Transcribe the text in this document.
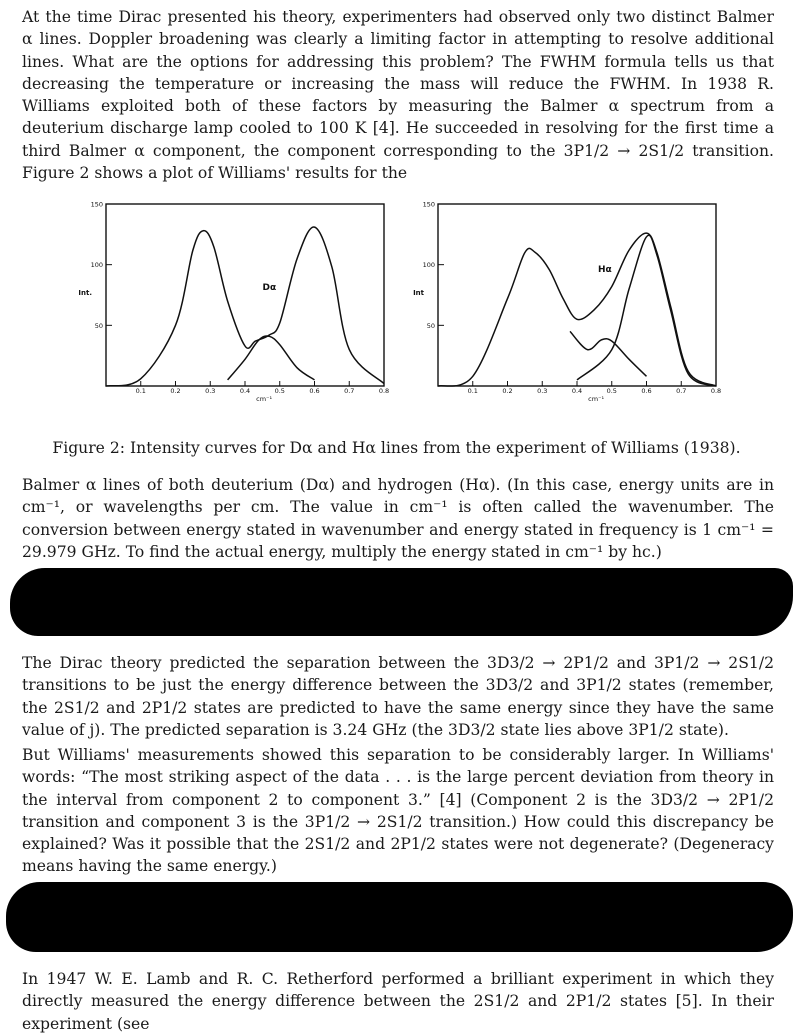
At the time Dirac presented his theory, experimenters had observed only two distinct Balmer α lines. Doppler broadening was clearly a limiting factor in attempting to resolve additional lines. What are the options for addressing this problem? The FWHM formula tells us that decreasing the temperature or increasing the mass will reduce the FWHM. In 1938 R. Williams exploited both of these factors by measuring the Balmer α spectrum from a deuterium discharge lamp cooled to 100 K [4]. He succeeded in resolving for the first time a third Balmer α component, the component corresponding to the 3P1/2 → 2S1/2 transition. Figure 2 shows a plot of Williams' results for the

0.1	0.2	0.3	0.4	0.5	0.6	0.7	0.8
50
100
150
Int.
cm⁻¹
Dα
0.1	0.2	0.3	0.4	0.5	0.6	0.7	0.8
50
100
150
Int
cm⁻¹
Hα
Figure 2: Intensity curves for Dα and Hα lines from the experiment of Williams (1938).

Balmer α lines of both deuterium (Dα) and hydrogen (Hα). (In this case, energy units are in cm⁻¹, or wavelengths per cm. The value in cm⁻¹ is often called the wavenumber. The conversion between energy stated in wavenumber and energy stated in frequency is 1 cm⁻¹ = 29.979 GHz. To find the actual energy, multiply the energy stated in cm⁻¹ by hc.)

The Dirac theory predicted the separation between the 3D3/2 → 2P1/2 and 3P1/2 → 2S1/2 transitions to be just the energy difference between the 3D3/2 and 3P1/2 states (remember, the 2S1/2 and 2P1/2 states are predicted to have the same energy since they have the same value of j). The predicted separation is 3.24 GHz (the 3D3/2 state lies above 3P1/2 state).

But Williams' measurements showed this separation to be considerably larger. In Williams' words: “The most striking aspect of the data . . . is the large percent deviation from theory in the interval from component 2 to component 3.” [4] (Component 2 is the 3D3/2 → 2P1/2 transition and component 3 is the 3P1/2 → 2S1/2 transition.) How could this discrepancy be explained? Was it possible that the 2S1/2 and 2P1/2 states were not degenerate? (Degeneracy means having the same energy.)

In 1947 W. E. Lamb and R. C. Retherford performed a brilliant experiment in which they directly measured the energy difference between the 2S1/2 and 2P1/2 states [5]. In their experiment (see
